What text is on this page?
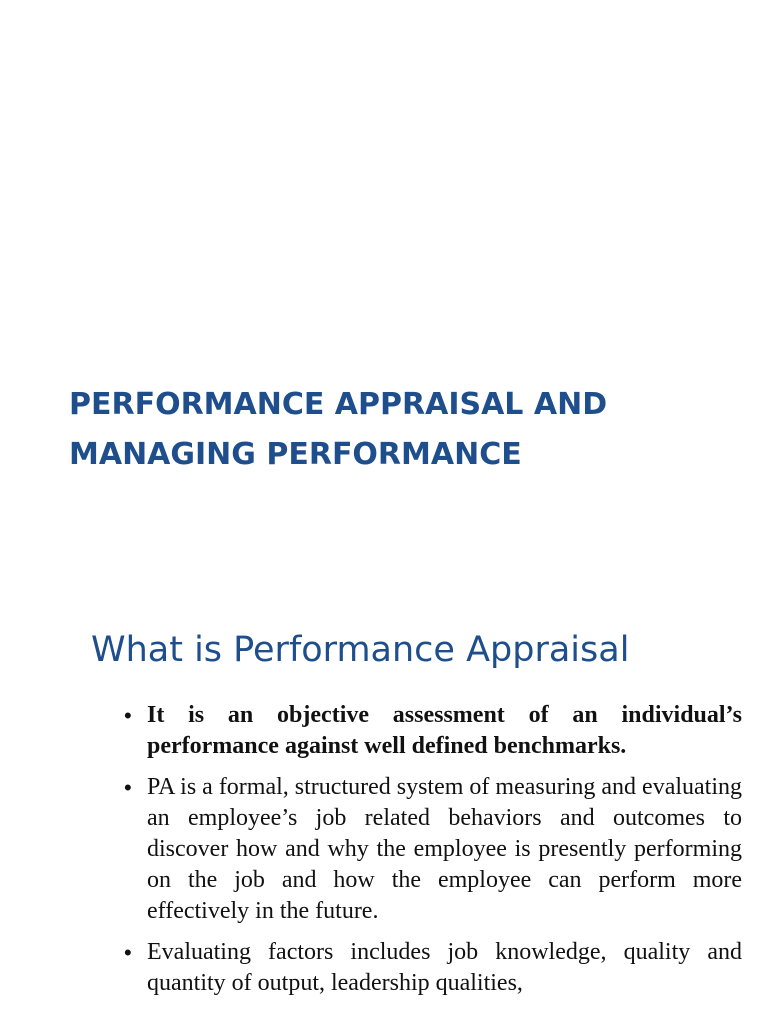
PERFORMANCE APPRAISAL AND
MANAGING PERFORMANCE
What is Performance Appraisal
• It is an objective assessment of an individual’s performance against well defined benchmarks.
• PA is a formal, structured system of measuring and evaluating an employee’s job related behaviors and outcomes to discover how and why the employee is presently performing on the job and how the employee can perform more effectively in the future.
• Evaluating factors includes job knowledge, quality and quantity of output, leadership qualities,
